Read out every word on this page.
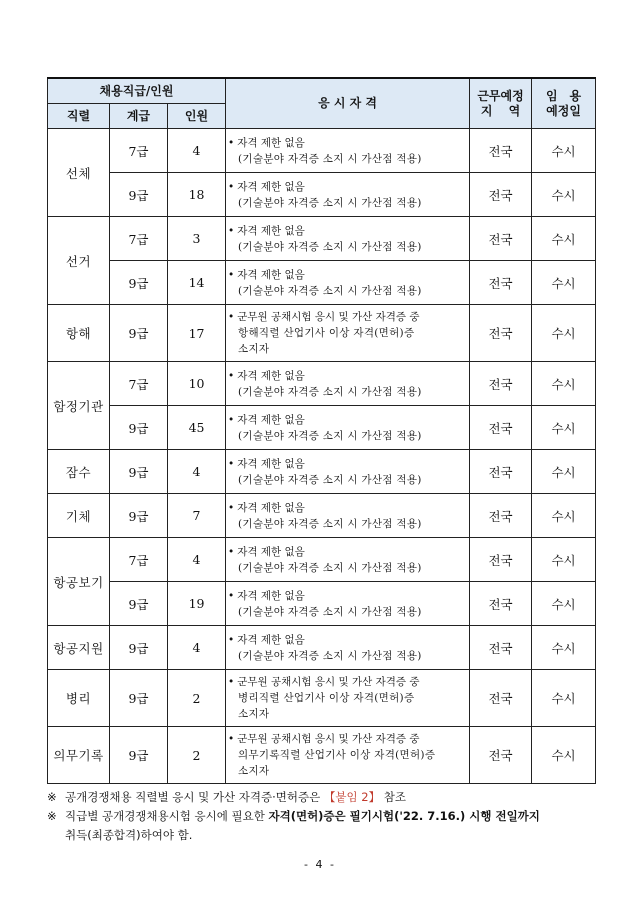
채용직급/인원			응 시 자 격	근무예정
지　 역	임　용
예정일

직렬	계급	인원			
선체	7급	4	• 자격 제한 없음
(기술분야 자격증 소지 시 가산점 적용)	전국	수시
	9급	18	• 자격 제한 없음
(기술분야 자격증 소지 시 가산점 적용)	전국	수시
선거	7급	3	• 자격 제한 없음
(기술분야 자격증 소지 시 가산점 적용)	전국	수시
	9급	14	• 자격 제한 없음
(기술분야 자격증 소지 시 가산점 적용)	전국	수시
항해	9급	17	• 군무원 공채시험 응시 및 가산 자격증 중
항해직렬 산업기사 이상 자격(면허)증
소지자	전국	수시
함정기관	7급	10	• 자격 제한 없음
(기술분야 자격증 소지 시 가산점 적용)	전국	수시
	9급	45	• 자격 제한 없음
(기술분야 자격증 소지 시 가산점 적용)	전국	수시
잠수	9급	4	• 자격 제한 없음
(기술분야 자격증 소지 시 가산점 적용)	전국	수시
기체	9급	7	• 자격 제한 없음
(기술분야 자격증 소지 시 가산점 적용)	전국	수시
항공보기	7급	4	• 자격 제한 없음
(기술분야 자격증 소지 시 가산점 적용)	전국	수시
	9급	19	• 자격 제한 없음
(기술분야 자격증 소지 시 가산점 적용)	전국	수시
항공지원	9급	4	• 자격 제한 없음
(기술분야 자격증 소지 시 가산점 적용)	전국	수시
병리	9급	2	• 군무원 공채시험 응시 및 가산 자격증 중
병리직렬 산업기사 이상 자격(면허)증
소지자	전국	수시
의무기록	9급	2	• 군무원 공채시험 응시 및 가산 자격증 중
의무기록직렬 산업기사 이상 자격(면허)증
소지자	전국	수시
※ 공개경쟁채용 직렬별 응시 및 가산 자격증·면허증은 【붙임 2】 참조
※ 직급별 공개경쟁채용시험 응시에 필요한 자격(면허)증은 필기시험('22. 7.16.) 시행 전일까지
취득(최종합격)하여야 함.
- 4 -
